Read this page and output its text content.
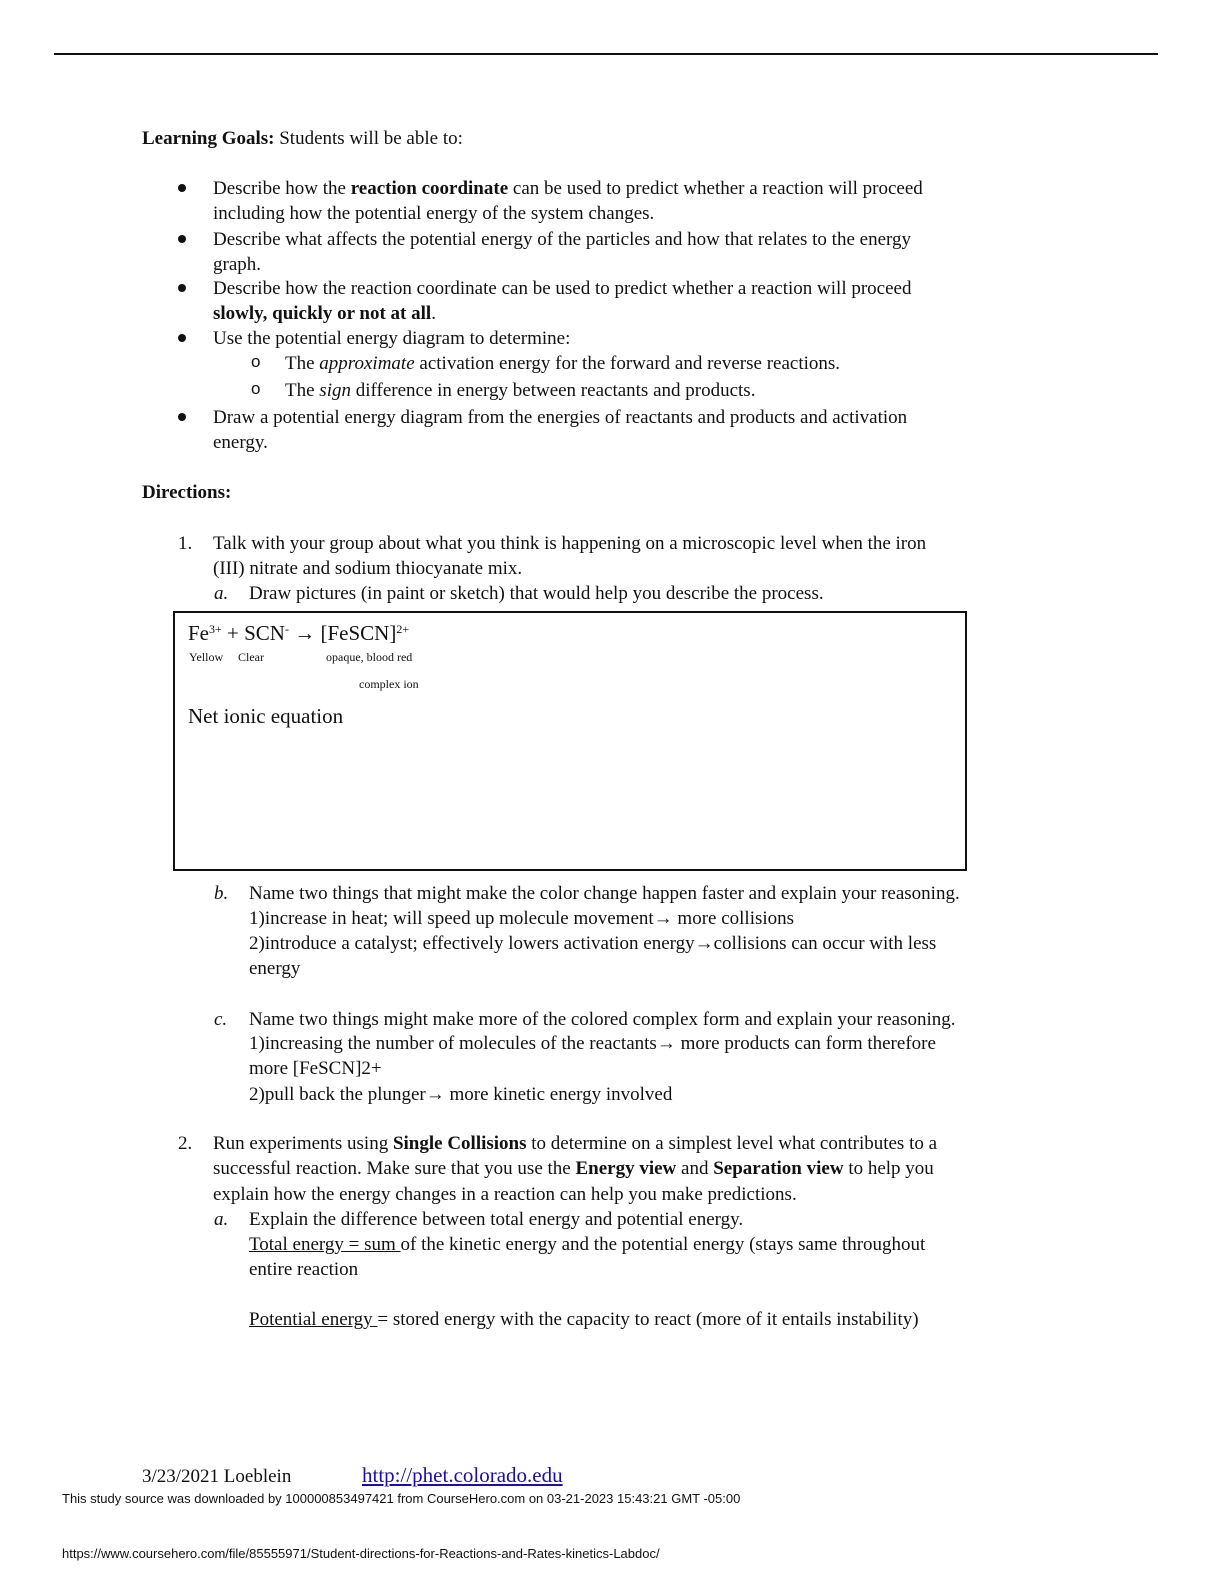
Learning Goals: Students will be able to:
Describe how the reaction coordinate can be used to predict whether a reaction will proceed
including how the potential energy of the system changes.
Describe what affects the potential energy of the particles and how that relates to the energy
graph.
Describe how the reaction coordinate can be used to predict whether a reaction will proceed
slowly, quickly or not at all.
Use the potential energy diagram to determine:
o The approximate activation energy for the forward and reverse reactions.
o The sign difference in energy between reactants and products.
Draw a potential energy diagram from the energies of reactants and products and activation
energy.
Directions:
1. Talk with your group about what you think is happening on a microscopic level when the iron
(III) nitrate and sodium thiocyanate mix.
a. Draw pictures (in paint or sketch) that would help you describe the process.
$Fe^{3+} + SCN^-$ → [FeSCN]$^{2+}$
Yellow Clear	opaque, blood red
complex ion
Net ionic equation
b. Name two things that might make the color change happen faster and explain your reasoning.
1)increase in heat; will speed up molecule movement→ more collisions
2)introduce a catalyst; effectively lowers activation energy→collisions can occur with less
energy
c. Name two things might make more of the colored complex form and explain your reasoning.
1)increasing the number of molecules of the reactants→ more products can form therefore
more [FeSCN]2+
2)pull back the plunger→ more kinetic energy involved
2. Run experiments using Single Collisions to determine on a simplest level what contributes to a
successful reaction. Make sure that you use the Energy view and Separation view to help you
explain how the energy changes in a reaction can help you make predictions.
a. Explain the difference between total energy and potential energy.
Total energy = sum of the kinetic energy and the potential energy (stays same throughout
entire reaction
Potential energy = stored energy with the capacity to react (more of it entails instability)
3/23/2021 Loeblein	http://phet.colorado.edu
This study source was downloaded by 100000853497421 from CourseHero.com on 03-21-2023 15:43:21 GMT -05:00
https://www.coursehero.com/file/85555971/Student-directions-for-Reactions-and-Rates-kinetics-Labdoc/
